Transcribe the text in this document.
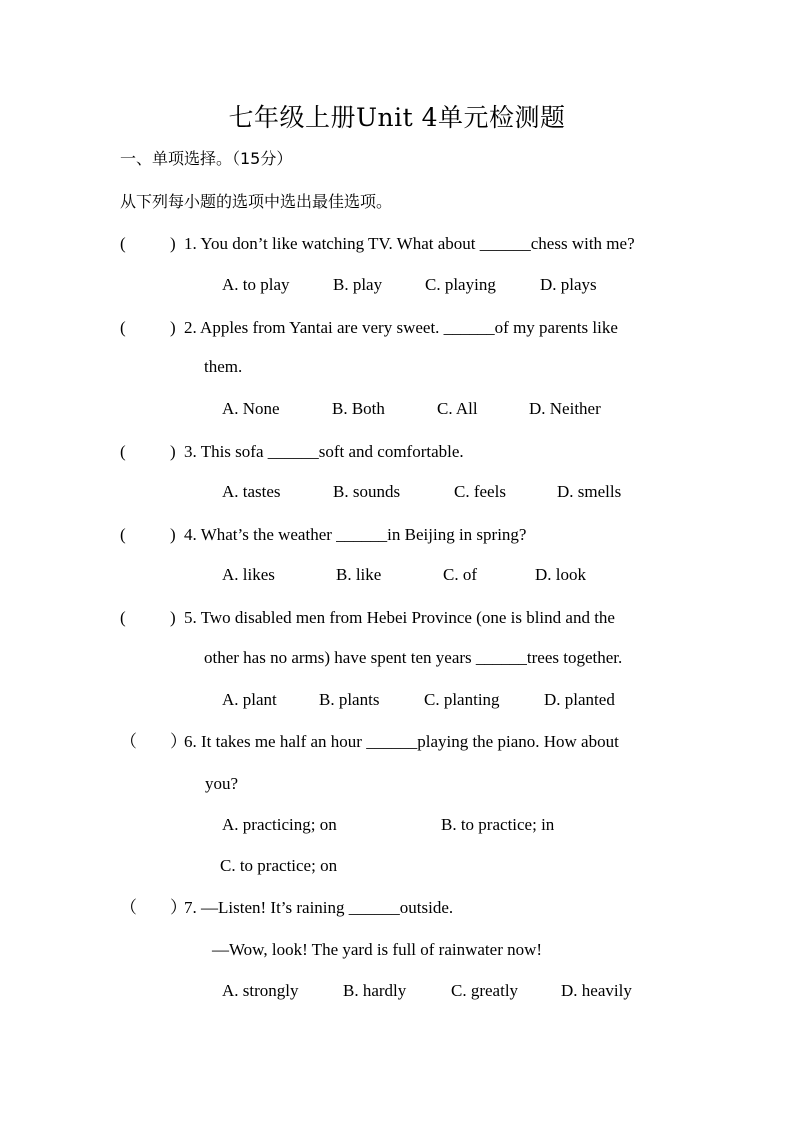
七年级上册Unit 4单元检测题
一、单项选择。（15分）
从下列每小题的选项中选出最佳选项。
(	) 1. You don’t like watching TV. What about ______chess with me?
A. to play	B. play	C. playing	D. plays
(	) 2. Apples from Yantai are very sweet. ______of my parents like
them.
A. None	B. Both	C. All	D. Neither
(	) 3. This sofa ______soft and comfortable.
A. tastes	B. sounds	C. feels	D. smells
(	) 4. What’s the weather ______in Beijing in spring?
A. likes	B. like	C. of	D. look
(	) 5. Two disabled men from Hebei Province (one is blind and the
other has no arms) have spent ten years ______trees together.
A. plant B. plants	C. planting	D. planted
（ ）6. It takes me half an hour ______playing the piano. How about
you?
A. practicing; on	B. to practice; in
C. to practice; on
（ ）7. —Listen! It’s raining ______outside.
—Wow, look! The yard is full of rainwater now!
A. strongly	B. hardly	C. greatly	D. heavily
